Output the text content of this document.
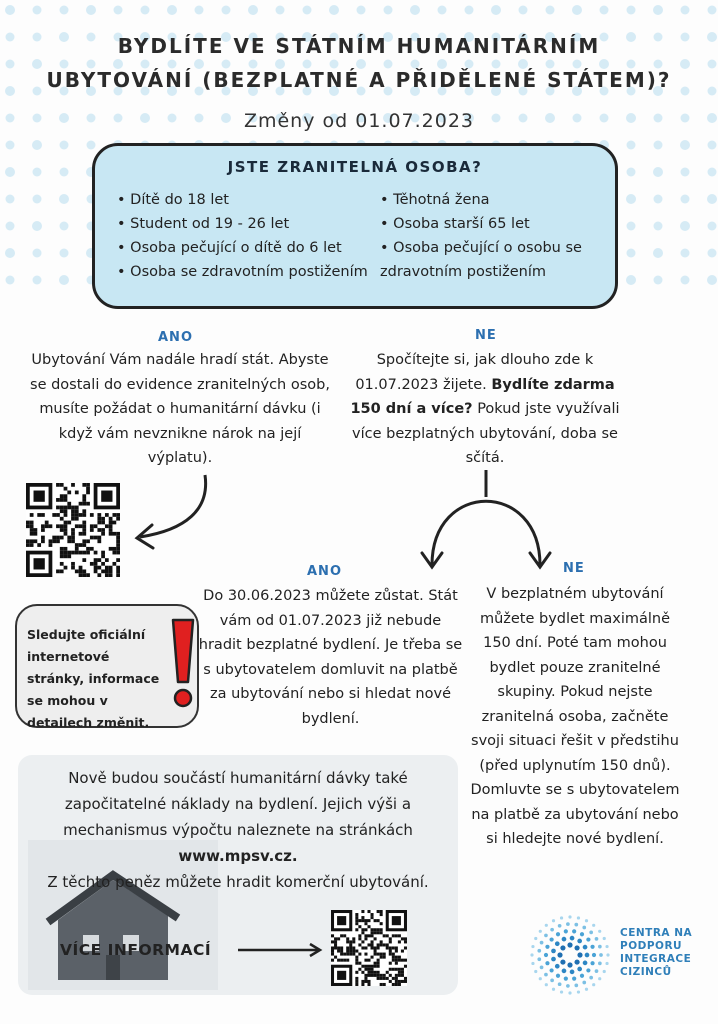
BYDLÍTE VE STÁTNÍM HUMANITÁRNÍM
UBYTOVÁNÍ (BEZPLATNÉ A PŘIDĚLENÉ STÁTEM)?
Změny od 01.07.2023
JSTE ZRANITELNÁ OSOBA?
• Dítě do 18 let
• Student od 19 - 26 let
• Osoba pečující o dítě do 6 let
• Osoba se zdravotním postižením
• Těhotná žena
• Osoba starší 65 let
• Osoba pečující o osobu se zdravotním postižením
ANO
Ubytování Vám nadále hradí stát. Abyste se dostali do evidence zranitelných osob, musíte požádat o humanitární dávku (i když vám nevznikne nárok na její výplatu).
NE
Spočítejte si, jak dlouho zde k 01.07.2023 žijete. Bydlíte zdarma 150 dní a více? Pokud jste využívali více bezplatných ubytování, doba se sčítá.
ANO
Do 30.06.2023 můžete zůstat. Stát vám od 01.07.2023 již nebude hradit bezplatné bydlení. Je třeba se s ubytovatelem domluvit na platbě za ubytování nebo si hledat nové bydlení.
NE
V bezplatném ubytování můžete bydlet maximálně 150 dní. Poté tam mohou bydlet pouze zranitelné skupiny. Pokud nejste zranitelná osoba, začněte svoji situaci řešit v předstihu (před uplynutím 150 dnů). Domluvte se s ubytovatelem na platbě za ubytování nebo si hledejte nové bydlení.
Sledujte oficiální internetové stránky, informace se mohou v detailech změnit.
Nově budou součástí humanitární dávky také započitatelné náklady na bydlení. Jejich výši a mechanismus výpočtu naleznete na stránkách www.mpsv.cz.
Z těchto peněz můžete hradit komerční ubytování.
VÍCE INFORMACÍ
CENTRA NA
PODPORU
INTEGRACE
CIZINCŮ
